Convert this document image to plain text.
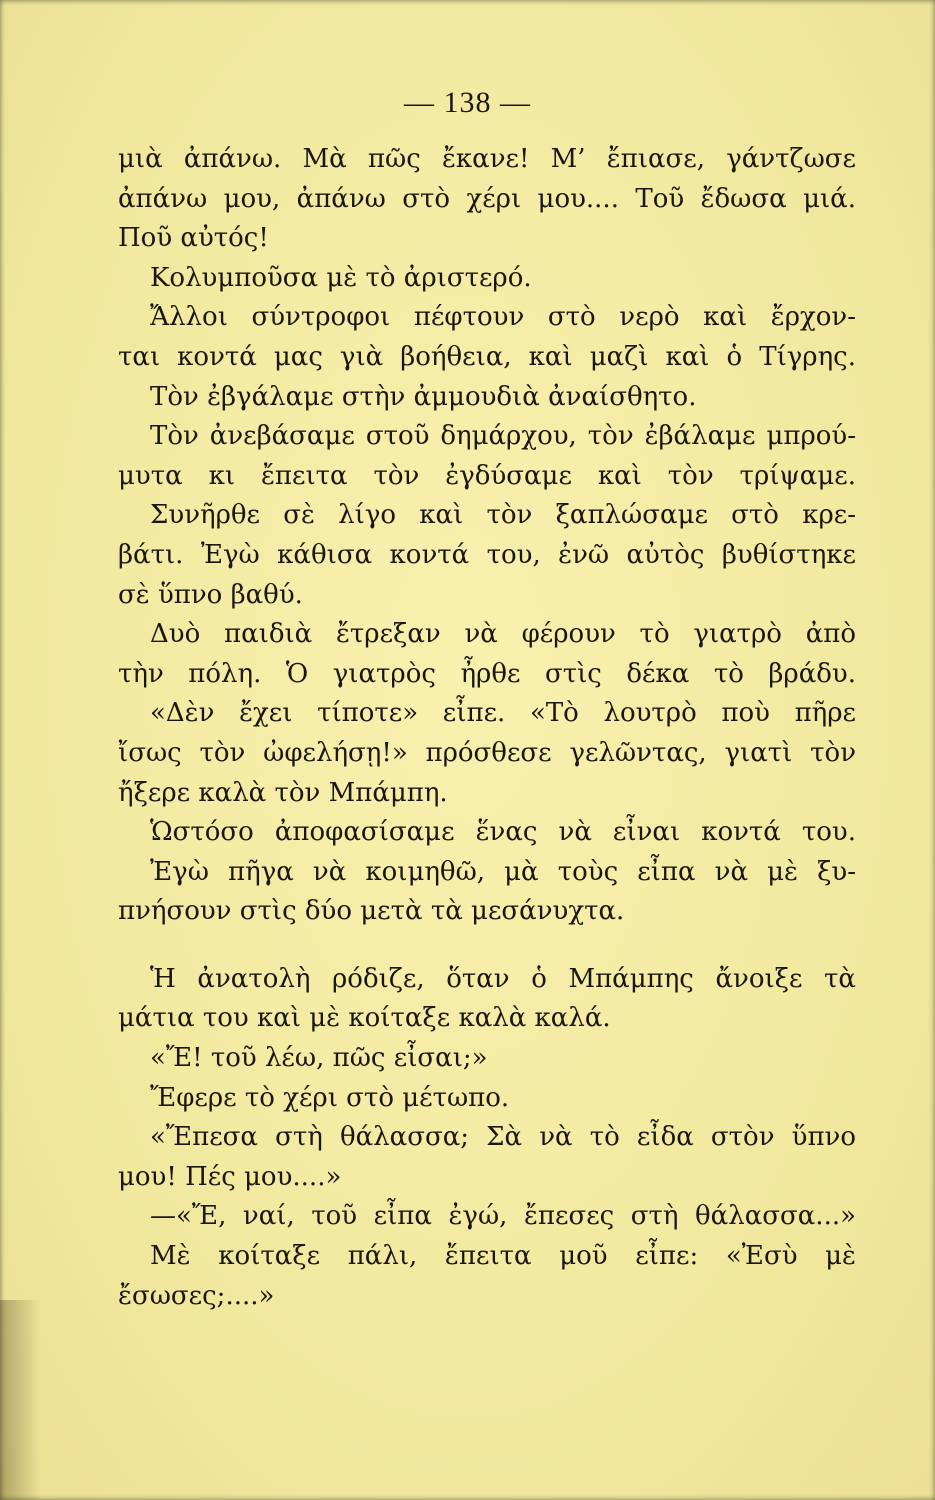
— 138 —
μιὰ ἀπάνω. Μὰ πῶς ἔκανε! Μ’ ἔπιασε, γάντζωσε
ἀπάνω μου, ἀπάνω στὸ χέρι μου.... Τοῦ ἔδωσα μιά.
Ποῦ αὐτός!
Κολυμποῦσα μὲ τὸ ἀριστερό.
Ἄλλοι σύντροφοι πέφτουν στὸ νερὸ καὶ ἔρχον-
ται κοντά μας γιὰ βοήθεια, καὶ μαζὶ καὶ ὁ Τίγρης.
Τὸν ἐβγάλαμε στὴν ἀμμουδιὰ ἀναίσθητο.
Τὸν ἀνεβάσαμε στοῦ δημάρχου, τὸν ἐβάλαμε μπρού-
μυτα κι ἔπειτα τὸν ἐγδύσαμε καὶ τὸν τρίψαμε.
Συνῆρθε σὲ λίγο καὶ τὸν ξαπλώσαμε στὸ κρε-
βάτι. Ἐγὼ κάθισα κοντά του, ἐνῶ αὐτὸς βυθίστηκε
σὲ ὕπνο βαθύ.
Δυὸ παιδιὰ ἔτρεξαν νὰ φέρουν τὸ γιατρὸ ἀπὸ
τὴν πόλη. Ὁ γιατρὸς ἦρθε στὶς δέκα τὸ βράδυ.
«Δὲν ἔχει τίποτε» εἶπε. «Τὸ λουτρὸ ποὺ πῆρε
ἴσως τὸν ὠφελήσῃ!» πρόσθεσε γελῶντας, γιατὶ τὸν
ἤξερε καλὰ τὸν Μπάμπη.
Ὡστόσο ἀποφασίσαμε ἕνας νὰ εἶναι κοντά του.
Ἐγὼ πῆγα νὰ κοιμηθῶ, μὰ τοὺς εἶπα νὰ μὲ ξυ-
πνήσουν στὶς δύο μετὰ τὰ μεσάνυχτα.
Ἡ ἀνατολὴ ρόδιζε, ὅταν ὁ Μπάμπης ἄνοιξε τὰ
μάτια του καὶ μὲ κοίταξε καλὰ καλά.
«Ἔ! τοῦ λέω, πῶς εἶσαι;»
Ἔφερε τὸ χέρι στὸ μέτωπο.
«Ἔπεσα στὴ θάλασσα; Σὰ νὰ τὸ εἶδα στὸν ὕπνο
μου! Πές μου....»
—«Ἔ, ναί, τοῦ εἶπα ἐγώ, ἔπεσες στὴ θάλασσα...»
Μὲ κοίταξε πάλι, ἔπειτα μοῦ εἶπε: «Ἐσὺ μὲ
ἔσωσες;....»
